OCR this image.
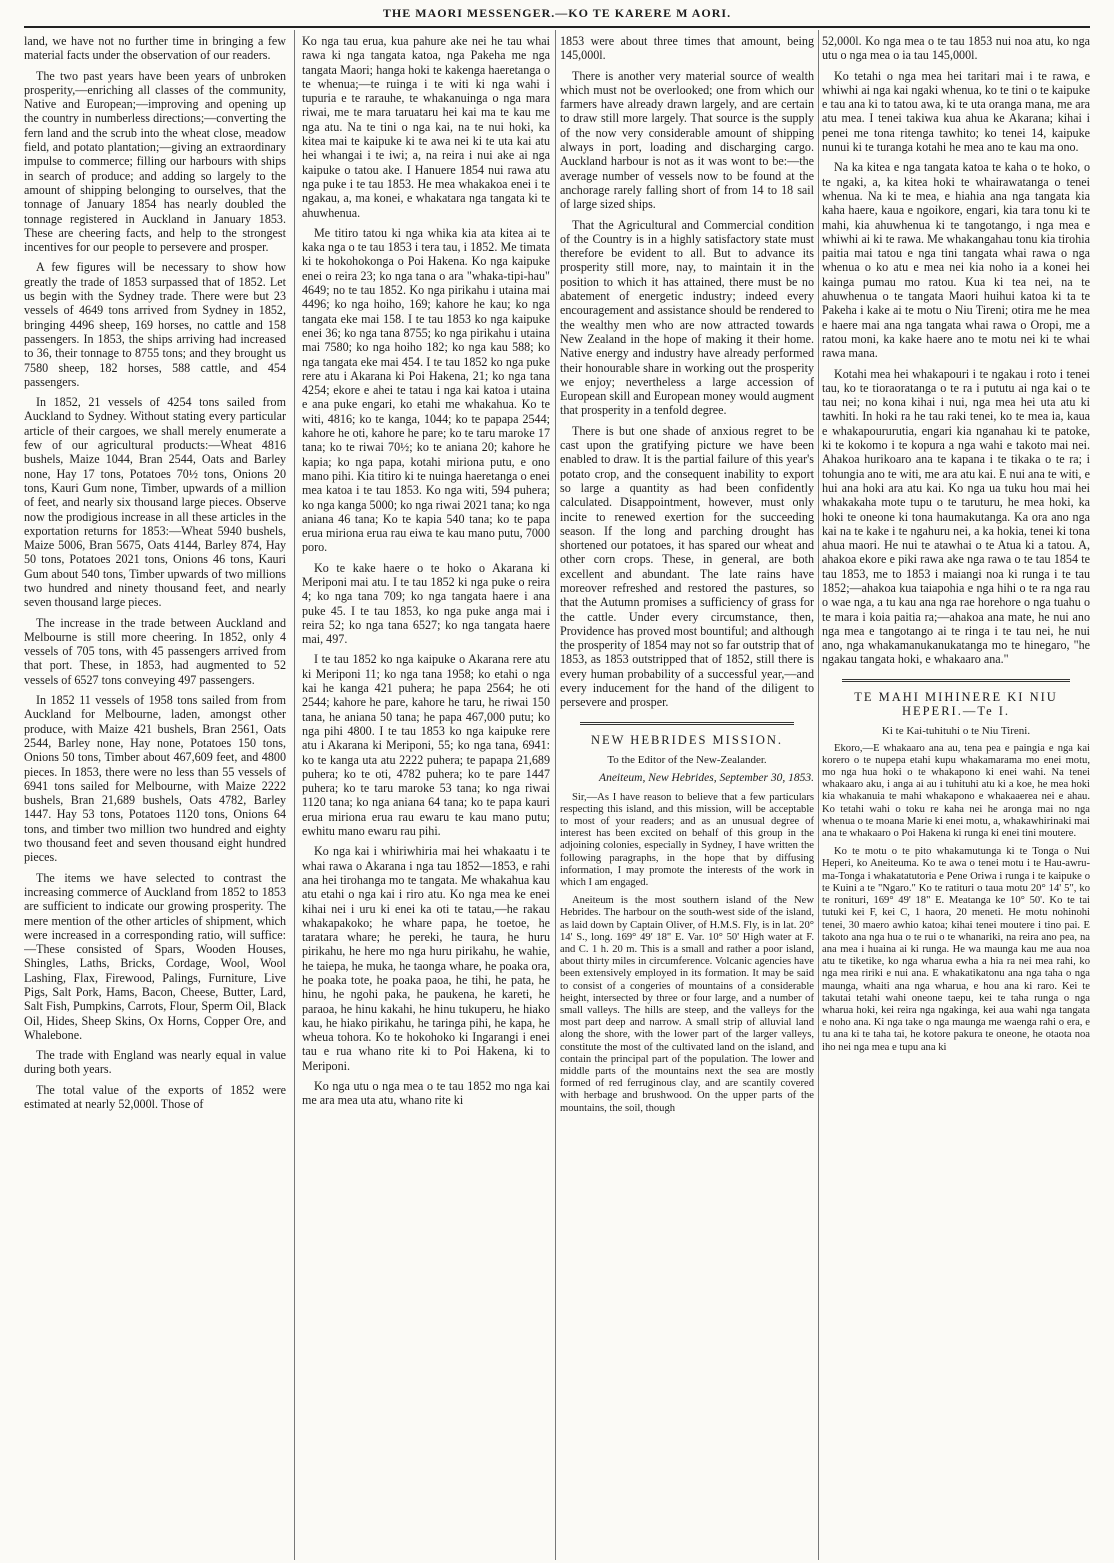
THE MAORI MESSENGER.—KO TE KARERE M AORI.

land, we have not no further time in bringing a few material facts under the observation of our readers.

The two past years have been years of unbroken prosperity,—enriching all classes of the community, Native and European;—improving and opening up the country in numberless directions;—converting the fern land and the scrub into the wheat close, meadow field, and potato plantation;—giving an extraordinary impulse to commerce; filling our harbours with ships in search of produce; and adding so largely to the amount of shipping belonging to ourselves, that the tonnage of January 1854 has nearly doubled the tonnage registered in Auckland in January 1853. These are cheering facts, and help to the strongest incentives for our people to persevere and prosper.

A few figures will be necessary to show how greatly the trade of 1853 surpassed that of 1852. Let us begin with the Sydney trade. There were but 23 vessels of 4649 tons arrived from Sydney in 1852, bringing 4496 sheep, 169 horses, no cattle and 158 passengers. In 1853, the ships arriving had increased to 36, their tonnage to 8755 tons; and they brought us 7580 sheep, 182 horses, 588 cattle, and 454 passengers.

In 1852, 21 vessels of 4254 tons sailed from Auckland to Sydney. Without stating every particular article of their cargoes, we shall merely enumerate a few of our agricultural products:—Wheat 4816 bushels, Maize 1044, Bran 2544, Oats and Barley none, Hay 17 tons, Potatoes 70½ tons, Onions 20 tons, Kauri Gum none, Timber, upwards of a million of feet, and nearly six thousand large pieces. Observe now the prodigious increase in all these articles in the exportation returns for 1853:—Wheat 5940 bushels, Maize 5006, Bran 5675, Oats 4144, Barley 874, Hay 50 tons, Potatoes 2021 tons, Onions 46 tons, Kauri Gum about 540 tons, Timber upwards of two millions two hundred and ninety thousand feet, and nearly seven thousand large pieces.

The increase in the trade between Auckland and Melbourne is still more cheering. In 1852, only 4 vessels of 705 tons, with 45 passengers arrived from that port. These, in 1853, had augmented to 52 vessels of 6527 tons conveying 497 passengers.

In 1852 11 vessels of 1958 tons sailed from from Auckland for Melbourne, laden, amongst other produce, with Maize 421 bushels, Bran 2561, Oats 2544, Barley none, Hay none, Potatoes 150 tons, Onions 50 tons, Timber about 467,609 feet, and 4800 pieces. In 1853, there were no less than 55 vessels of 6941 tons sailed for Melbourne, with Maize 2222 bushels, Bran 21,689 bushels, Oats 4782, Barley 1447. Hay 53 tons, Potatoes 1120 tons, Onions 64 tons, and timber two million two hundred and eighty two thousand feet and seven thousand eight hundred pieces.

The items we have selected to contrast the increasing commerce of Auckland from 1852 to 1853 are sufficient to indicate our growing prosperity. The mere mention of the other articles of shipment, which were increased in a corresponding ratio, will suffice:—These consisted of Spars, Wooden Houses, Shingles, Laths, Bricks, Cordage, Wool, Wool Lashing, Flax, Firewood, Palings, Furniture, Live Pigs, Salt Pork, Hams, Bacon, Cheese, Butter, Lard, Salt Fish, Pumpkins, Carrots, Flour, Sperm Oil, Black Oil, Hides, Sheep Skins, Ox Horns, Copper Ore, and Whalebone.

The trade with England was nearly equal in value during both years.

The total value of the exports of 1852 were estimated at nearly 52,000l. Those of

Ko nga tau erua, kua pahure ake nei he tau whai rawa ki nga tangata katoa, nga Pakeha me nga tangata Maori; hanga hoki te kakenga haeretanga o te whenua;—te ruinga i te witi ki nga wahi i tupuria e te rarauhe, te whakanuinga o nga mara riwai, me te mara taruataru hei kai ma te kau me nga atu. Na te tini o nga kai, na te nui hoki, ka kitea mai te kaipuke ki te awa nei ki te uta kai atu hei whangai i te iwi; a, na reira i nui ake ai nga kaipuke o tatou ake. I Hanuere 1854 nui rawa atu nga puke i te tau 1853. He mea whakakoa enei i te ngakau, a, ma konei, e whakatara nga tangata ki te ahuwhenua.

Me titiro tatou ki nga whika kia ata kitea ai te kaka nga o te tau 1853 i tera tau, i 1852. Me timata ki te hokohokonga o Poi Hakena. Ko nga kaipuke enei o reira 23; ko nga tana o ara "whaka-tipi-hau" 4649; no te tau 1852. Ko nga pirikahu i utaina mai 4496; ko nga hoiho, 169; kahore he kau; ko nga tangata eke mai 158. I te tau 1853 ko nga kaipuke enei 36; ko nga tana 8755; ko nga pirikahu i utaina mai 7580; ko nga hoiho 182; ko nga kau 588; ko nga tangata eke mai 454. I te tau 1852 ko nga puke rere atu i Akarana ki Poi Hakena, 21; ko nga tana 4254; ekore e ahei te tatau i nga kai katoa i utaina e ana puke engari, ko etahi me whakahua. Ko te witi, 4816; ko te kanga, 1044; ko te papapa 2544; kahore he oti, kahore he pare; ko te taru maroke 17 tana; ko te riwai 70½; ko te aniana 20; kahore he kapia; ko nga papa, kotahi miriona putu, e ono mano pihi. Kia titiro ki te nuinga haeretanga o enei mea katoa i te tau 1853. Ko nga witi, 594 puhera; ko nga kanga 5000; ko nga riwai 2021 tana; ko nga aniana 46 tana; Ko te kapia 540 tana; ko te papa erua miriona erua rau eiwa te kau mano putu, 7000 poro.

Ko te kake haere o te hoko o Akarana ki Meriponi mai atu. I te tau 1852 ki nga puke o reira 4; ko nga tana 709; ko nga tangata haere i ana puke 45. I te tau 1853, ko nga puke anga mai i reira 52; ko nga tana 6527; ko nga tangata haere mai, 497.

I te tau 1852 ko nga kaipuke o Akarana rere atu ki Meriponi 11; ko nga tana 1958; ko etahi o nga kai he kanga 421 puhera; he papa 2564; he oti 2544; kahore he pare, kahore he taru, he riwai 150 tana, he aniana 50 tana; he papa 467,000 putu; ko nga pihi 4800. I te tau 1853 ko nga kaipuke rere atu i Akarana ki Meriponi, 55; ko nga tana, 6941: ko te kanga uta atu 2222 puhera; te papapa 21,689 puhera; ko te oti, 4782 puhera; ko te pare 1447 puhera; ko te taru maroke 53 tana; ko nga riwai 1120 tana; ko nga aniana 64 tana; ko te papa kauri erua miriona erua rau ewaru te kau mano putu; ewhitu mano ewaru rau pihi.

Ko nga kai i whiriwhiria mai hei whakaatu i te whai rawa o Akarana i nga tau 1852—1853, e rahi ana hei tirohanga mo te tangata. Me whakahua kau atu etahi o nga kai i riro atu. Ko nga mea ke enei kihai nei i uru ki enei ka oti te tatau,—he rakau whakapakoko; he whare papa, he toetoe, he taratara whare; he pereki, he taura, he huru pirikahu, he here mo nga huru pirikahu, he wahie, he taiepa, he muka, he taonga whare, he poaka ora, he poaka tote, he poaka paoa, he tihi, he pata, he hinu, he ngohi paka, he paukena, he kareti, he paraoa, he hinu kakahi, he hinu tukuperu, he hiako kau, he hiako pirikahu, he taringa pihi, he kapa, he wheua tohora. Ko te hokohoko ki Ingarangi i enei tau e rua whano rite ki to Poi Hakena, ki to Meriponi.

Ko nga utu o nga mea o te tau 1852 mo nga kai me ara mea uta atu, whano rite ki

1853 were about three times that amount, being 145,000l.

There is another very material source of wealth which must not be overlooked; one from which our farmers have already drawn largely, and are certain to draw still more largely. That source is the supply of the now very considerable amount of shipping always in port, loading and discharging cargo. Auckland harbour is not as it was wont to be:—the average number of vessels now to be found at the anchorage rarely falling short of from 14 to 18 sail of large sized ships.

That the Agricultural and Commercial condition of the Country is in a highly satisfactory state must therefore be evident to all. But to advance its prosperity still more, nay, to maintain it in the position to which it has attained, there must be no abatement of energetic industry; indeed every encouragement and assistance should be rendered to the wealthy men who are now attracted towards New Zealand in the hope of making it their home. Native energy and industry have already performed their honourable share in working out the prosperity we enjoy; nevertheless a large accession of European skill and European money would augment that prosperity in a tenfold degree.

There is but one shade of anxious regret to be cast upon the gratifying picture we have been enabled to draw. It is the partial failure of this year's potato crop, and the consequent inability to export so large a quantity as had been confidently calculated. Disappointment, however, must only incite to renewed exertion for the succeeding season. If the long and parching drought has shortened our potatoes, it has spared our wheat and other corn crops. These, in general, are both excellent and abundant. The late rains have moreover refreshed and restored the pastures, so that the Autumn promises a sufficiency of grass for the cattle. Under every circumstance, then, Providence has proved most bountiful; and although the prosperity of 1854 may not so far outstrip that of 1853, as 1853 outstripped that of 1852, still there is every human probability of a successful year,—and every inducement for the hand of the diligent to persevere and prosper.

NEW HEBRIDES MISSION.
To the Editor of the New-Zealander.
Aneiteum, New Hebrides, September 30, 1853.

Sir,—As I have reason to believe that a few particulars respecting this island, and this mission, will be acceptable to most of your readers; and as an unusual degree of interest has been excited on behalf of this group in the adjoining colonies, especially in Sydney, I have written the following paragraphs, in the hope that by diffusing information, I may promote the interests of the work in which I am engaged.

Aneiteum is the most southern island of the New Hebrides. The harbour on the south-west side of the island, as laid down by Captain Oliver, of H.M.S. Fly, is in lat. 20° 14' S., long. 169° 49' 18" E. Var. 10° 50' High water at F. and C. 1 h. 20 m. This is a small and rather a poor island, about thirty miles in circumference. Volcanic agencies have been extensively employed in its formation. It may be said to consist of a congeries of mountains of a considerable height, intersected by three or four large, and a number of small valleys. The hills are steep, and the valleys for the most part deep and narrow. A small strip of alluvial land along the shore, with the lower part of the larger valleys, constitute the most of the cultivated land on the island, and contain the principal part of the population. The lower and middle parts of the mountains next the sea are mostly formed of red ferruginous clay, and are scantily covered with herbage and brushwood. On the upper parts of the mountains, the soil, though

52,000l. Ko nga mea o te tau 1853 nui noa atu, ko nga utu o nga mea o ia tau 145,000l.

Ko tetahi o nga mea hei taritari mai i te rawa, e whiwhi ai nga kai ngaki whenua, ko te tini o te kaipuke e tau ana ki to tatou awa, ki te uta oranga mana, me ara atu mea. I tenei takiwa kua ahua ke Akarana; kihai i penei me tona ritenga tawhito; ko tenei 14, kaipuke nunui ki te turanga kotahi he mea ano te kau ma ono.

Na ka kitea e nga tangata katoa te kaha o te hoko, o te ngaki, a, ka kitea hoki te whairawatanga o tenei whenua. Na ki te mea, e hiahia ana nga tangata kia kaha haere, kaua e ngoikore, engari, kia tara tonu ki te mahi, kia ahuwhenua ki te tangotango, i nga mea e whiwhi ai ki te rawa. Me whakangahau tonu kia tirohia paitia mai tatou e nga tini tangata whai rawa o nga whenua o ko atu e mea nei kia noho ia a konei hei kainga pumau mo ratou. Kua ki tea nei, na te ahuwhenua o te tangata Maori huihui katoa ki ta te Pakeha i kake ai te motu o Niu Tireni; otira me he mea e haere mai ana nga tangata whai rawa o Oropi, me a ratou moni, ka kake haere ano te motu nei ki te whai rawa mana.

Kotahi mea hei whakapouri i te ngakau i roto i tenei tau, ko te tioraoratanga o te ra i pututu ai nga kai o te tau nei; no kona kihai i nui, nga mea hei uta atu ki tawhiti. In hoki ra he tau raki tenei, ko te mea ia, kaua e whakapoururutia, engari kia nganahau ki te patoke, ki te kokomo i te kopura a nga wahi e takoto mai nei. Ahakoa hurikoaro ana te kapana i te tikaka o te ra; i tohungia ano te witi, me ara atu kai. E nui ana te witi, e hui ana hoki ara atu kai. Ko nga ua tuku hou mai hei whakakaha mote tupu o te taruturu, he mea hoki, ka hoki te oneone ki tona haumakutanga. Ka ora ano nga kai na te kake i te ngahuru nei, a ka hokia, tenei ki tona ahua maori. He nui te atawhai o te Atua ki a tatou. A, ahakoa ekore e piki rawa ake nga rawa o te tau 1854 te tau 1853, me to 1853 i maiangi noa ki runga i te tau 1852;—ahakoa kua taiapohia e nga hihi o te ra nga rau o wae nga, a tu kau ana nga rae horehore o nga tuahu o te mara i koia paitia ra;—ahakoa ana mate, he nui ano nga mea e tangotango ai te ringa i te tau nei, he nui ano, nga whakamanukanukatanga mo te hinegaro, "he ngakau tangata hoki, e whakaaro ana."

TE MAHI MIHINERE KI NIU HEPERI.—Te I.
Ki te Kai-tuhituhi o te Niu Tireni.

Ekoro,—E whakaaro ana au, tena pea e paingia e nga kai korero o te nupepa etahi kupu whakamarama mo enei motu, mo nga hua hoki o te whakapono ki enei wahi. Na tenei whakaaro aku, i anga ai au i tuhituhi atu ki a koe, he mea hoki kia whakanuia te mahi whakapono e whakaaerea nei e ahau. Ko tetahi wahi o toku re kaha nei he aronga mai no nga whenua o te moana Marie ki enei motu, a, whakawhirinaki mai ana te whakaaro o Poi Hakena ki runga ki enei tini moutere.

Ko te motu o te pito whakamutunga ki te Tonga o Nui Heperi, ko Aneiteuma. Ko te awa o tenei motu i te Hau-awru-ma-Tonga i whakatatutoria e Pene Oriwa i runga i te kaipuke o te Kuini a te "Ngaro." Ko te ratituri o taua motu 20° 14' 5", ko te ronituri, 169° 49' 18" E. Meatanga ke 10° 50'. Ko te tai tutuki kei F, kei C, 1 haora, 20 meneti. He motu nohinohi tenei, 30 maero awhio katoa; kihai tenei moutere i tino pai. E takoto ana nga hua o te rui o te whanariki, na reira ano pea, na ana mea i huaina ai ki runga. He wa maunga kau me aua noa atu te tiketike, ko nga wharua ewha a hia ra nei mea rahi, ko nga mea ririki e nui ana. E whakatikatonu ana nga taha o nga maunga, whaiti ana nga wharua, e hou ana ki raro. Kei te takutai tetahi wahi oneone taepu, kei te taha runga o nga wharua hoki, kei reira nga ngakinga, kei aua wahi nga tangata e noho ana. Ki nga take o nga maunga me waenga rahi o era, e tu ana ki te taha tai, he kotore pakura te oneone, he otaota noa iho nei nga mea e tupu ana ki
